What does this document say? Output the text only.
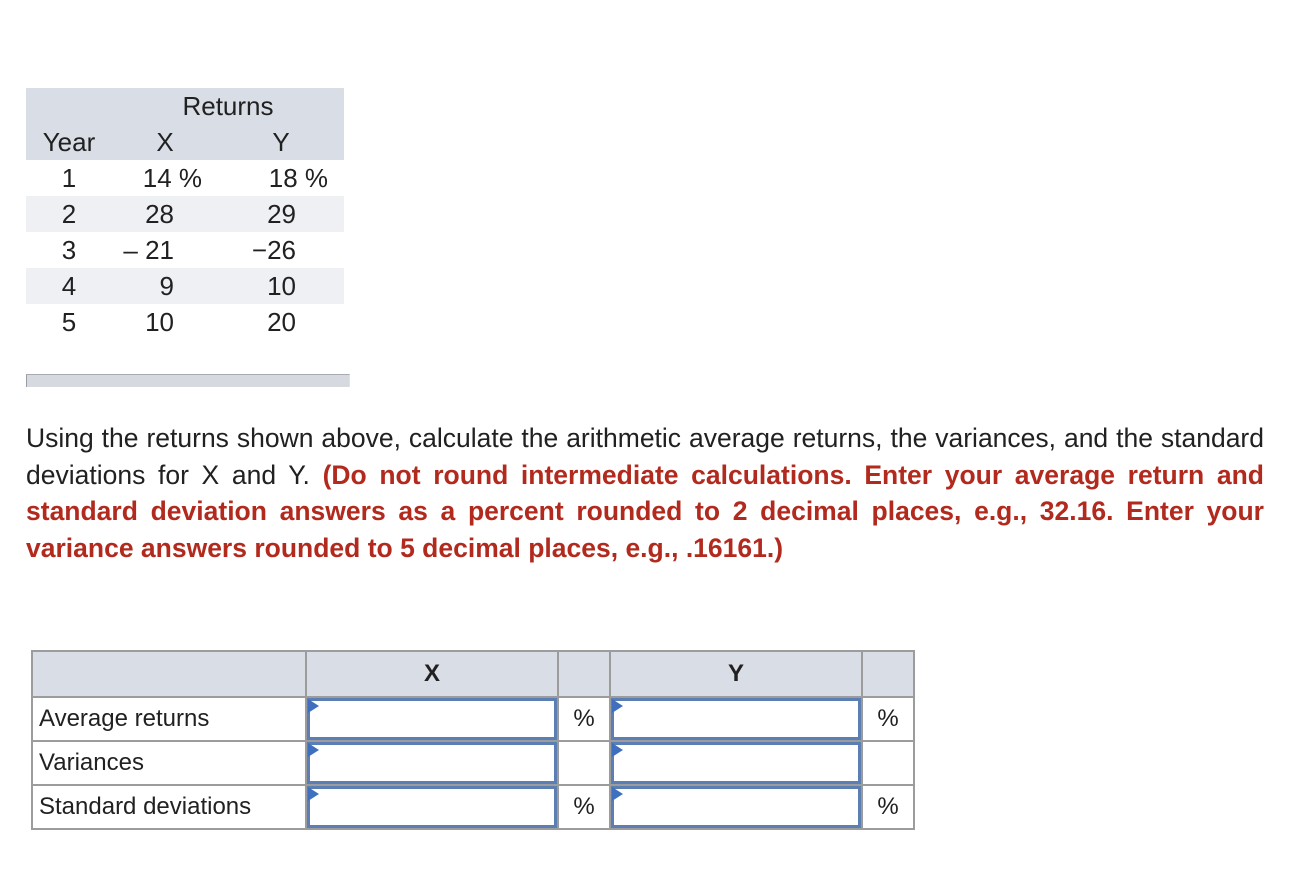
	Returns	
Year	X	Y
1	14 %	18 %
2	28	29
3	– 21	−26
4	9	10
5	10	20

Using the returns shown above, calculate the arithmetic average returns, the variances, and the standard deviations for X and Y. (Do not round intermediate calculations. Enter your average return and standard deviation answers as a percent rounded to 2 decimal places, e.g., 32.16. Enter your variance answers rounded to 5 decimal places, e.g., .16161.)
	X		Y	
Average returns		%		%
Variances	

Standard deviations		%		%
